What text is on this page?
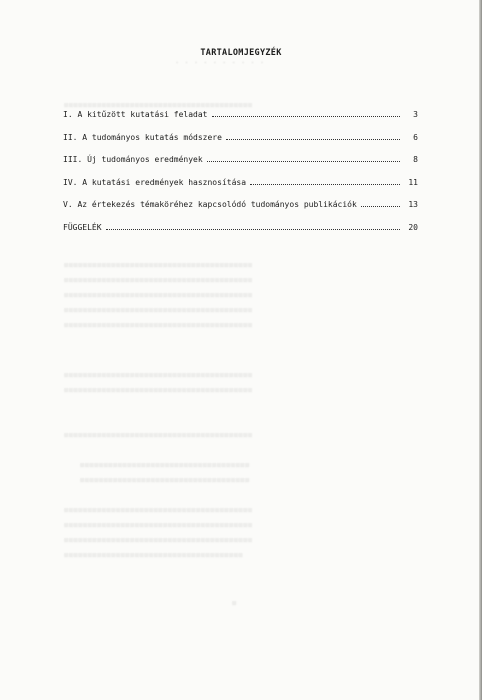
• • • • • • • • • •
■■■■■■■■■■■■■■■■■■■■■■■■■■■■■■■■■■■■■■■■
■■■■■■■■■■■■■■■■■■■■■■■■■■■■■■■■■■■■■■■■
■■■■■■■■■■■■■■■■■■■■■■■■■■■■■■■■■■■■■■■■
■■■■■■■■■■■■■■■■■■■■■■■■■■■■■■■■■■■■■■■■
■■■■■■■■■■■■■■■■■■■■■■■■■■■■■■■■■■■■■■■■
■■■■■■■■■■■■■■■■■■■■■■■■■■■■■■■■■■■■■■■■
■■■■■■■■■■■■■■■■■■■■■■■■■■■■■■■■■■■■■■■■
■■■■■■■■■■■■■■■■■■■■■■■■■■■■■■■■■■■■■■■■
■■■■■■■■■■■■■■■■■■■■■■■■■■■■■■■■■■■■■■■■
■■■■■■■■■■■■■■■■■■■■■■■■■■■■■■■■■■■■
■■■■■■■■■■■■■■■■■■■■■■■■■■■■■■■■■■■■
■■■■■■■■■■■■■■■■■■■■■■■■■■■■■■■■■■■■■■■■
■■■■■■■■■■■■■■■■■■■■■■■■■■■■■■■■■■■■■■■■
■■■■■■■■■■■■■■■■■■■■■■■■■■■■■■■■■■■■■■■■
■■■■■■■■■■■■■■■■■■■■■■■■■■■■■■■■■■■■■■
■
TARTALOMJEGYZÉK
I. A kitűzött kutatási feladat	3
II. A tudományos kutatás módszere	6
III. Új tudományos eredmények	8
IV. A kutatási eredmények hasznosítása	11
V. Az értekezés témaköréhez kapcsolódó tudományos publikációk	13
FÜGGELÉK	20
